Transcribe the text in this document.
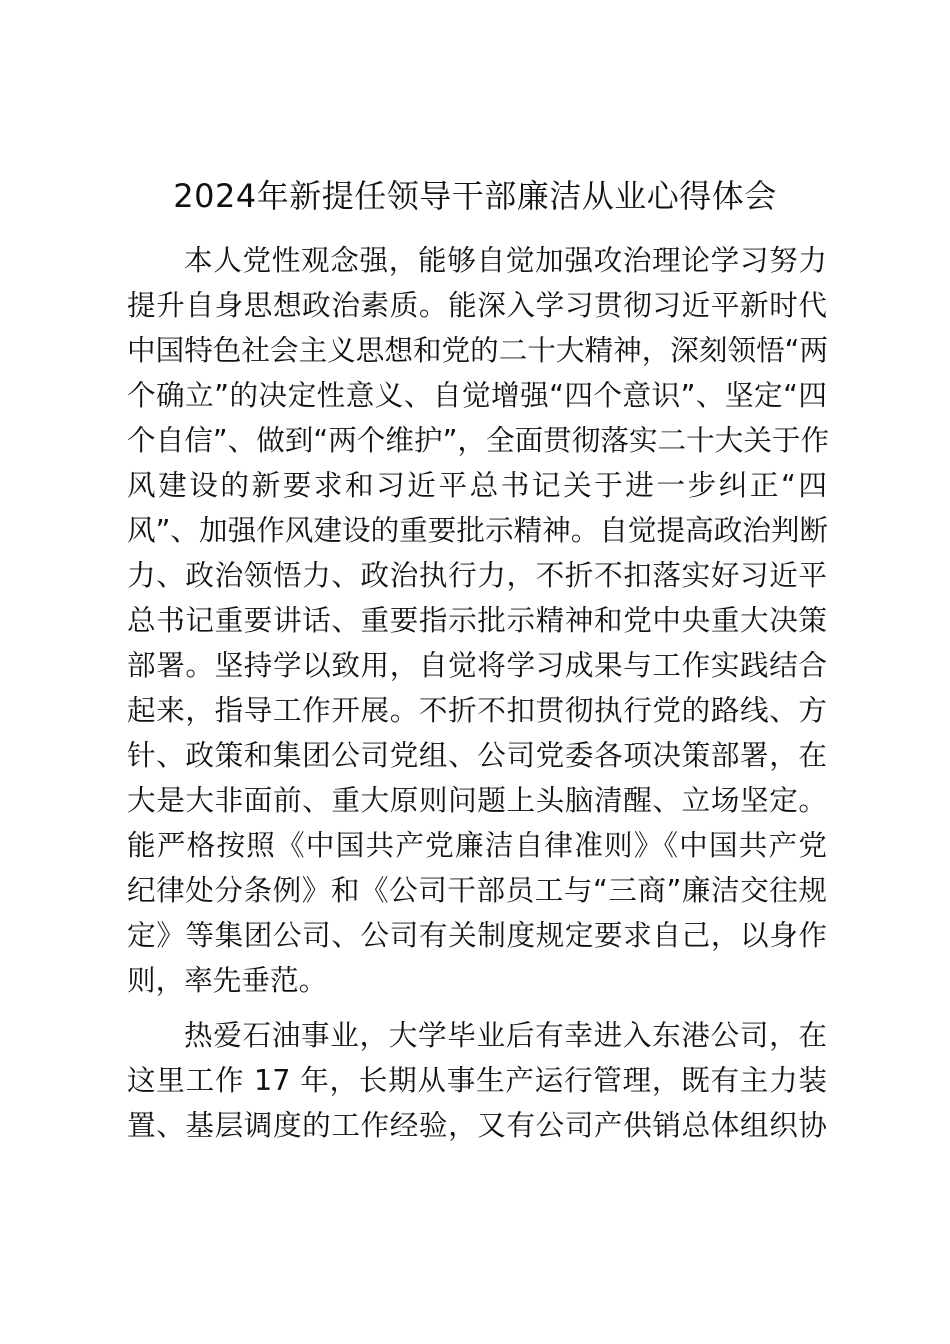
2024年新提任领导干部廉洁从业心得体会
本人党性观念强，能够自觉加强攻治理论学习努力
提升自身思想政治素质。能深入学习贯彻习近平新时代
中国特色社会主义思想和党的二十大精神，深刻领悟“两
个确立”的决定性意义、自觉增强“四个意识”、坚定“四
个自信”、做到“两个维护”，全面贯彻落实二十大关于作
风建设的新要求和习近平总书记关于进一步纠正“四
风”、加强作风建设的重要批示精神。自觉提高政治判断
力、政治领悟力、政治执行力，不折不扣落实好习近平
总书记重要讲话、重要指示批示精神和党中央重大决策
部署。坚持学以致用，自觉将学习成果与工作实践结合
起来，指导工作开展。不折不扣贯彻执行党的路线、方
针、政策和集团公司党组、公司党委各项决策部署，在
大是大非面前、重大原则问题上头脑清醒、立场坚定。
能严格按照《中国共产党廉洁自律准则》《中国共产党
纪律处分条例》和《公司干部员工与“三商”廉洁交往规
定》等集团公司、公司有关制度规定要求自己，以身作
则，率先垂范。
热爱石油事业，大学毕业后有幸进入东港公司，在
这里工作 17 年，长期从事生产运行管理，既有主力装
置、基层调度的工作经验，又有公司产供销总体组织协
